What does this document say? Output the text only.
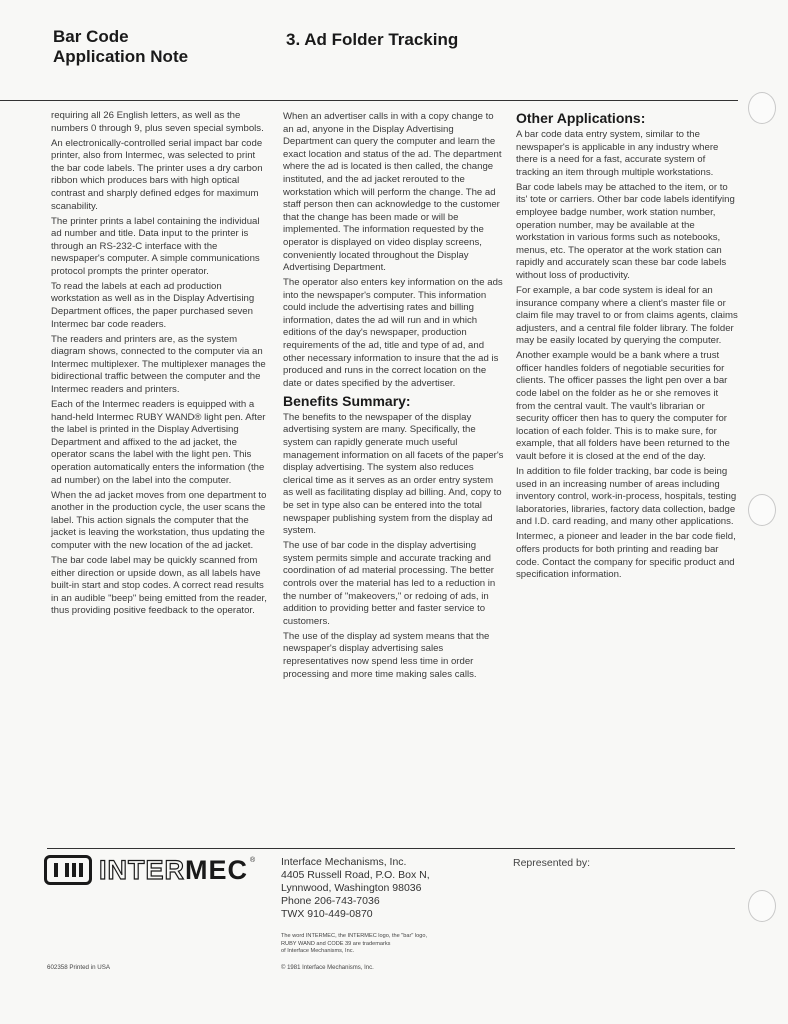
Bar Code
Application Note
3. Ad Folder Tracking

requiring all 26 English letters, as well as the numbers 0 through 9, plus seven special symbols.

An electronically-controlled serial impact bar code printer, also from Intermec, was selected to print the bar code labels. The printer uses a dry carbon ribbon which produces bars with high optical contrast and sharply defined edges for maximum scanability.

The printer prints a label containing the individual ad number and title. Data input to the printer is through an RS-232-C interface with the newspaper's computer. A simple communications protocol prompts the printer operator.

To read the labels at each ad production workstation as well as in the Display Advertising Department offices, the paper purchased seven Intermec bar code readers.

The readers and printers are, as the system diagram shows, connected to the computer via an Intermec multiplexer. The multiplexer manages the bidirectional traffic between the computer and the Intermec readers and printers.

Each of the Intermec readers is equipped with a hand-held Intermec RUBY WAND® light pen. After the label is printed in the Display Advertising Department and affixed to the ad jacket, the operator scans the label with the light pen. This operation automatically enters the information (the ad number) on the label into the computer.

When the ad jacket moves from one department to another in the production cycle, the user scans the label. This action signals the computer that the jacket is leaving the workstation, thus updating the computer with the new location of the ad jacket.

The bar code label may be quickly scanned from either direction or upside down, as all labels have built-in start and stop codes. A correct read results in an audible "beep" being emitted from the reader, thus providing positive feedback to the operator.

When an advertiser calls in with a copy change to an ad, anyone in the Display Advertising Department can query the computer and learn the exact location and status of the ad. The department where the ad is located is then called, the change instituted, and the ad jacket rerouted to the workstation which will perform the change. The ad staff person then can acknowledge to the customer that the change has been made or will be implemented. The information requested by the operator is displayed on video display screens, conveniently located throughout the Display Advertising Department.

The operator also enters key information on the ads into the newspaper's computer. This information could include the advertising rates and billing information, dates the ad will run and in which editions of the day's newspaper, production requirements of the ad, title and type of ad, and other necessary information to insure that the ad is produced and runs in the correct location on the date or dates specified by the advertiser.

Benefits Summary:

The benefits to the newspaper of the display advertising system are many. Specifically, the system can rapidly generate much useful management information on all facets of the paper's display advertising. The system also reduces clerical time as it serves as an order entry system as well as facilitating display ad billing. And, copy to be set in type also can be entered into the total newspaper publishing system from the display ad system.

The use of bar code in the display advertising system permits simple and accurate tracking and coordination of ad material processing. The better controls over the material has led to a reduction in the number of "makeovers," or redoing of ads, in addition to providing better and faster service to customers.

The use of the display ad system means that the newspaper's display advertising sales representatives now spend less time in order processing and more time making sales calls.

Other Applications:

A bar code data entry system, similar to the newspaper's is applicable in any industry where there is a need for a fast, accurate system of tracking an item through multiple workstations.

Bar code labels may be attached to the item, or to its' tote or carriers. Other bar code labels identifying employee badge number, work station number, operation number, may be available at the workstation in various forms such as notebooks, menus, etc. The operator at the work station can rapidly and accurately scan these bar code labels without loss of productivity.

For example, a bar code system is ideal for an insurance company where a client's master file or claim file may travel to or from claims agents, claims adjusters, and a central file folder library. The folder may be easily located by querying the computer.

Another example would be a bank where a trust officer handles folders of negotiable securities for clients. The officer passes the light pen over a bar code label on the folder as he or she removes it from the central vault. The vault's librarian or security officer then has to query the computer for location of each folder. This is to make sure, for example, that all folders have been returned to the vault before it is closed at the end of the day.

In addition to file folder tracking, bar code is being used in an increasing number of areas including inventory control, work-in-process, hospitals, testing laboratories, libraries, factory data collection, badge and I.D. card reading, and many other applications.

Intermec, a pioneer and leader in the bar code field, offers products for both printing and reading bar code. Contact the company for specific product and specification information.

INTERMEC ® Interface Mechanisms, Inc.
4405 Russell Road, P.O. Box N,
Lynnwood, Washington 98036
Phone 206-743-7036
TWX 910-449-0870
Represented by:
The word INTERMEC, the INTERMEC logo, the "bar" logo,
RUBY WAND and CODE 39 are trademarks
of Interface Mechanisms, Inc.
© 1981 Interface Mechanisms, Inc.
602358 Printed in USA
